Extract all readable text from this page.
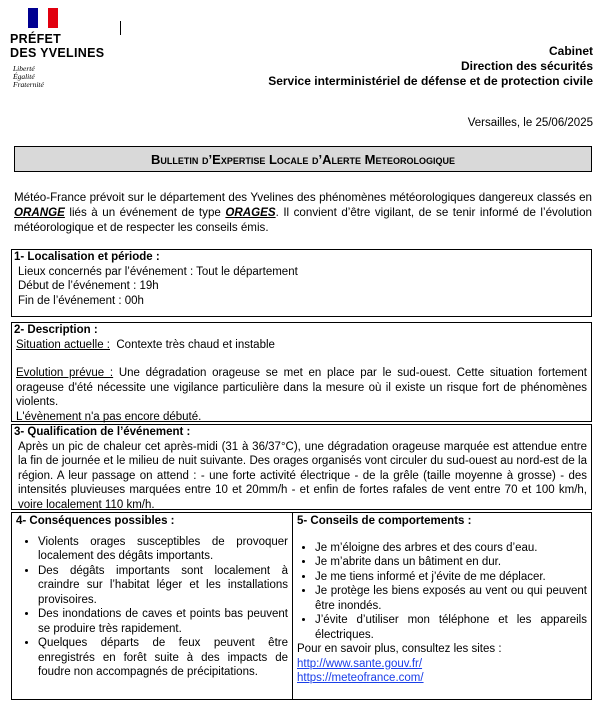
PRÉFET
DES YVELINES
Liberté
Égalité
Fraternité
Cabinet
Direction des sécurités
Service interministériel de défense et de protection civile
Versailles, le 25/06/2025
Bulletin d’Expertise Locale d’Alerte Meteorologique
Météo-France prévoit sur le département des Yvelines des phénomènes météorologiques dangereux classés en ORANGE liés à un événement de type ORAGES. Il convient d’être vigilant, de se tenir informé de l’évolution météorologique et de respecter les conseils émis.
1- Localisation et période :
Lieux concernés par l’événement : Tout le département
Début de l’événement : 19h
Fin de l’événement : 00h
2- Description :
Situation actuelle : Contexte très chaud et instable
Evolution prévue : Une dégradation orageuse se met en place par le sud-ouest. Cette situation fortement orageuse d'été nécessite une vigilance particulière dans la mesure où il existe un risque fort de phénomènes violents.
L'évènement n'a pas encore débuté.
3- Qualification de l’événement :
Après un pic de chaleur cet après-midi (31 à 36/37°C), une dégradation orageuse marquée est attendue entre la fin de journée et le milieu de nuit suivante. Des orages organisés vont circuler du sud-ouest au nord-est de la région. A leur passage on attend : - une forte activité électrique - de la grêle (taille moyenne à grosse) - des intensités pluvieuses marquées entre 10 et 20mm/h - et enfin de fortes rafales de vent entre 70 et 100 km/h, voire localement 110 km/h.
4- Conséquences possibles :
• Violents orages susceptibles de provoquer localement des dégâts importants.
• Des dégâts importants sont localement à craindre sur l’habitat léger et les installations provisoires.
• Des inondations de caves et points bas peuvent se produire très rapidement.
• Quelques départs de feux peuvent être enregistrés en forêt suite à des impacts de foudre non accompagnés de précipitations.
5- Conseils de comportements :
• Je m’éloigne des arbres et des cours d’eau.
• Je m’abrite dans un bâtiment en dur.
• Je me tiens informé et j’évite de me déplacer.
• Je protège les biens exposés au vent ou qui peuvent être inondés.
• J’évite d’utiliser mon téléphone et les appareils électriques.
Pour en savoir plus, consultez les sites :
http://www.sante.gouv.fr/
https://meteofrance.com/
